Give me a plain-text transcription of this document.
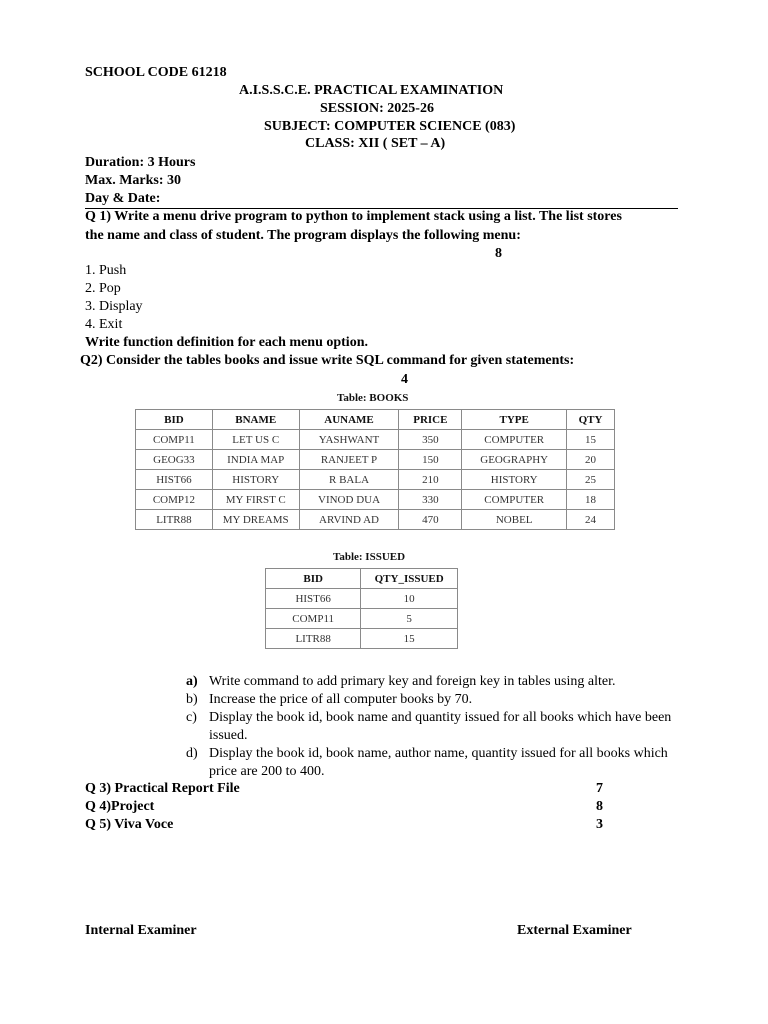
SCHOOL CODE 61218
A.I.S.S.C.E. PRACTICAL EXAMINATION
SESSION: 2025-26
SUBJECT: COMPUTER SCIENCE (083)
CLASS: XII ( SET – A)
Duration: 3 Hours
Max. Marks: 30
Day & Date:
Q 1) Write a menu drive program to python to implement stack using a list. The list stores
the name and class of student. The program displays the following menu:
8
1. Push
2. Pop
3. Display
4. Exit
Write function definition for each menu option.
Q2) Consider the tables books and issue write SQL command for given statements:
4
Table: BOOKS
BID	BNAME	AUNAME	PRICE	TYPE	QTY
COMP11	LET US C	YASHWANT	350	COMPUTER	15
GEOG33	INDIA MAP	RANJEET P	150	GEOGRAPHY	20
HIST66	HISTORY	R BALA	210	HISTORY	25
COMP12	MY FIRST C	VINOD DUA	330	COMPUTER	18
LITR88	MY DREAMS	ARVIND AD	470	NOBEL	24
Table: ISSUED
BID	QTY_ISSUED
HIST66	10
COMP11	5
LITR88	15
a) Write command to add primary key and foreign key in tables using alter.
b) Increase the price of all computer books by 70.
c) Display the book id, book name and quantity issued for all books which have been issued.
d) Display the book id, book name, author name, quantity issued for all books which price are 200 to 400.
Q 3) Practical Report File	7
Q 4)Project	8
Q 5) Viva Voce	3
Internal Examiner	External Examiner
